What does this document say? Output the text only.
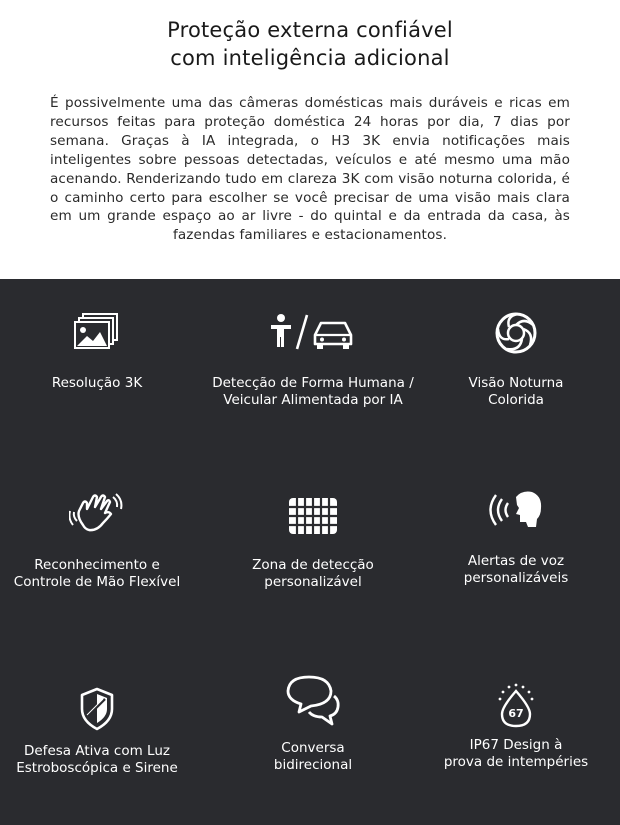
Proteção externa confiável
com inteligência adicional
É possivelmente uma das câmeras domésticas mais duráveis e ricas em recursos feitas para proteção doméstica 24 horas por dia, 7 dias por semana. Graças à IA integrada, o H3 3K envia notificações mais inteligentes sobre pessoas detectadas, veículos e até mesmo uma mão acenando. Renderizando tudo em clareza 3K com visão noturna colorida, é o caminho certo para escolher se você precisar de uma visão mais clara em um grande espaço ao ar livre - do quintal e da entrada da casa, às fazendas familiares e estacionamentos.
Resolução 3K	Detecção de Forma Humana /
Veicular Alimentada por IA
Visão Noturna
Colorida
Reconhecimento e
Controle de Mão Flexível
Zona de detecção
personalizável
Alertas de voz
personalizáveis
Defesa Ativa com Luz
Estroboscópica e Sirene
Conversa
bidirecional
67
IP67 Design à
prova de intempéries
